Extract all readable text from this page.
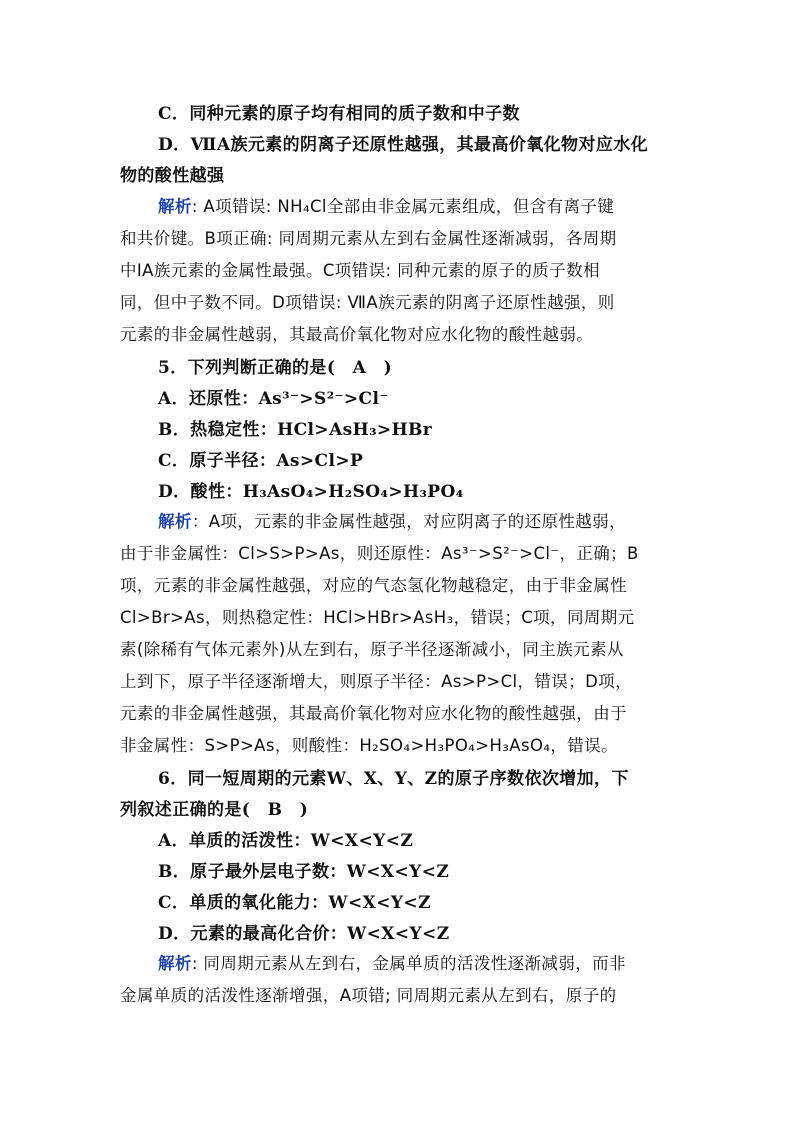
C．同种元素的原子均有相同的质子数和中子数
D．ⅦA族元素的阴离子还原性越强，其最高价氧化物对应水化
物的酸性越强
解析: A项错误: NH₄Cl全部由非金属元素组成，但含有离子键
和共价键。B项正确: 同周期元素从左到右金属性逐渐减弱，各周期
中ⅠA族元素的金属性最强。C项错误: 同种元素的原子的质子数相
同，但中子数不同。D项错误: ⅦA族元素的阴离子还原性越强，则
元素的非金属性越弱，其最高价氧化物对应水化物的酸性越弱。
5．下列判断正确的是(　A　)
A．还原性：As³⁻>S²⁻>Cl⁻
B．热稳定性：HCl>AsH₃>HBr
C．原子半径：As>Cl>P
D．酸性：H₃AsO₄>H₂SO₄>H₃PO₄
解析：A项，元素的非金属性越强，对应阴离子的还原性越弱，
由于非金属性：Cl>S>P>As，则还原性：As³⁻>S²⁻>Cl⁻，正确；B
项，元素的非金属性越强，对应的气态氢化物越稳定，由于非金属性
Cl>Br>As，则热稳定性：HCl>HBr>AsH₃，错误；C项，同周期元
素(除稀有气体元素外)从左到右，原子半径逐渐减小，同主族元素从
上到下，原子半径逐渐增大，则原子半径：As>P>Cl，错误；D项，
元素的非金属性越强，其最高价氧化物对应水化物的酸性越强，由于
非金属性：S>P>As，则酸性：H₂SO₄>H₃PO₄>H₃AsO₄，错误。
6．同一短周期的元素W、X、Y、Z的原子序数依次增加，下
列叙述正确的是(　B　)
A．单质的活泼性：W<X<Y<Z
B．原子最外层电子数：W<X<Y<Z
C．单质的氧化能力：W<X<Y<Z
D．元素的最高化合价：W<X<Y<Z
解析: 同周期元素从左到右，金属单质的活泼性逐渐减弱，而非
金属单质的活泼性逐渐增强，A项错; 同周期元素从左到右，原子的
